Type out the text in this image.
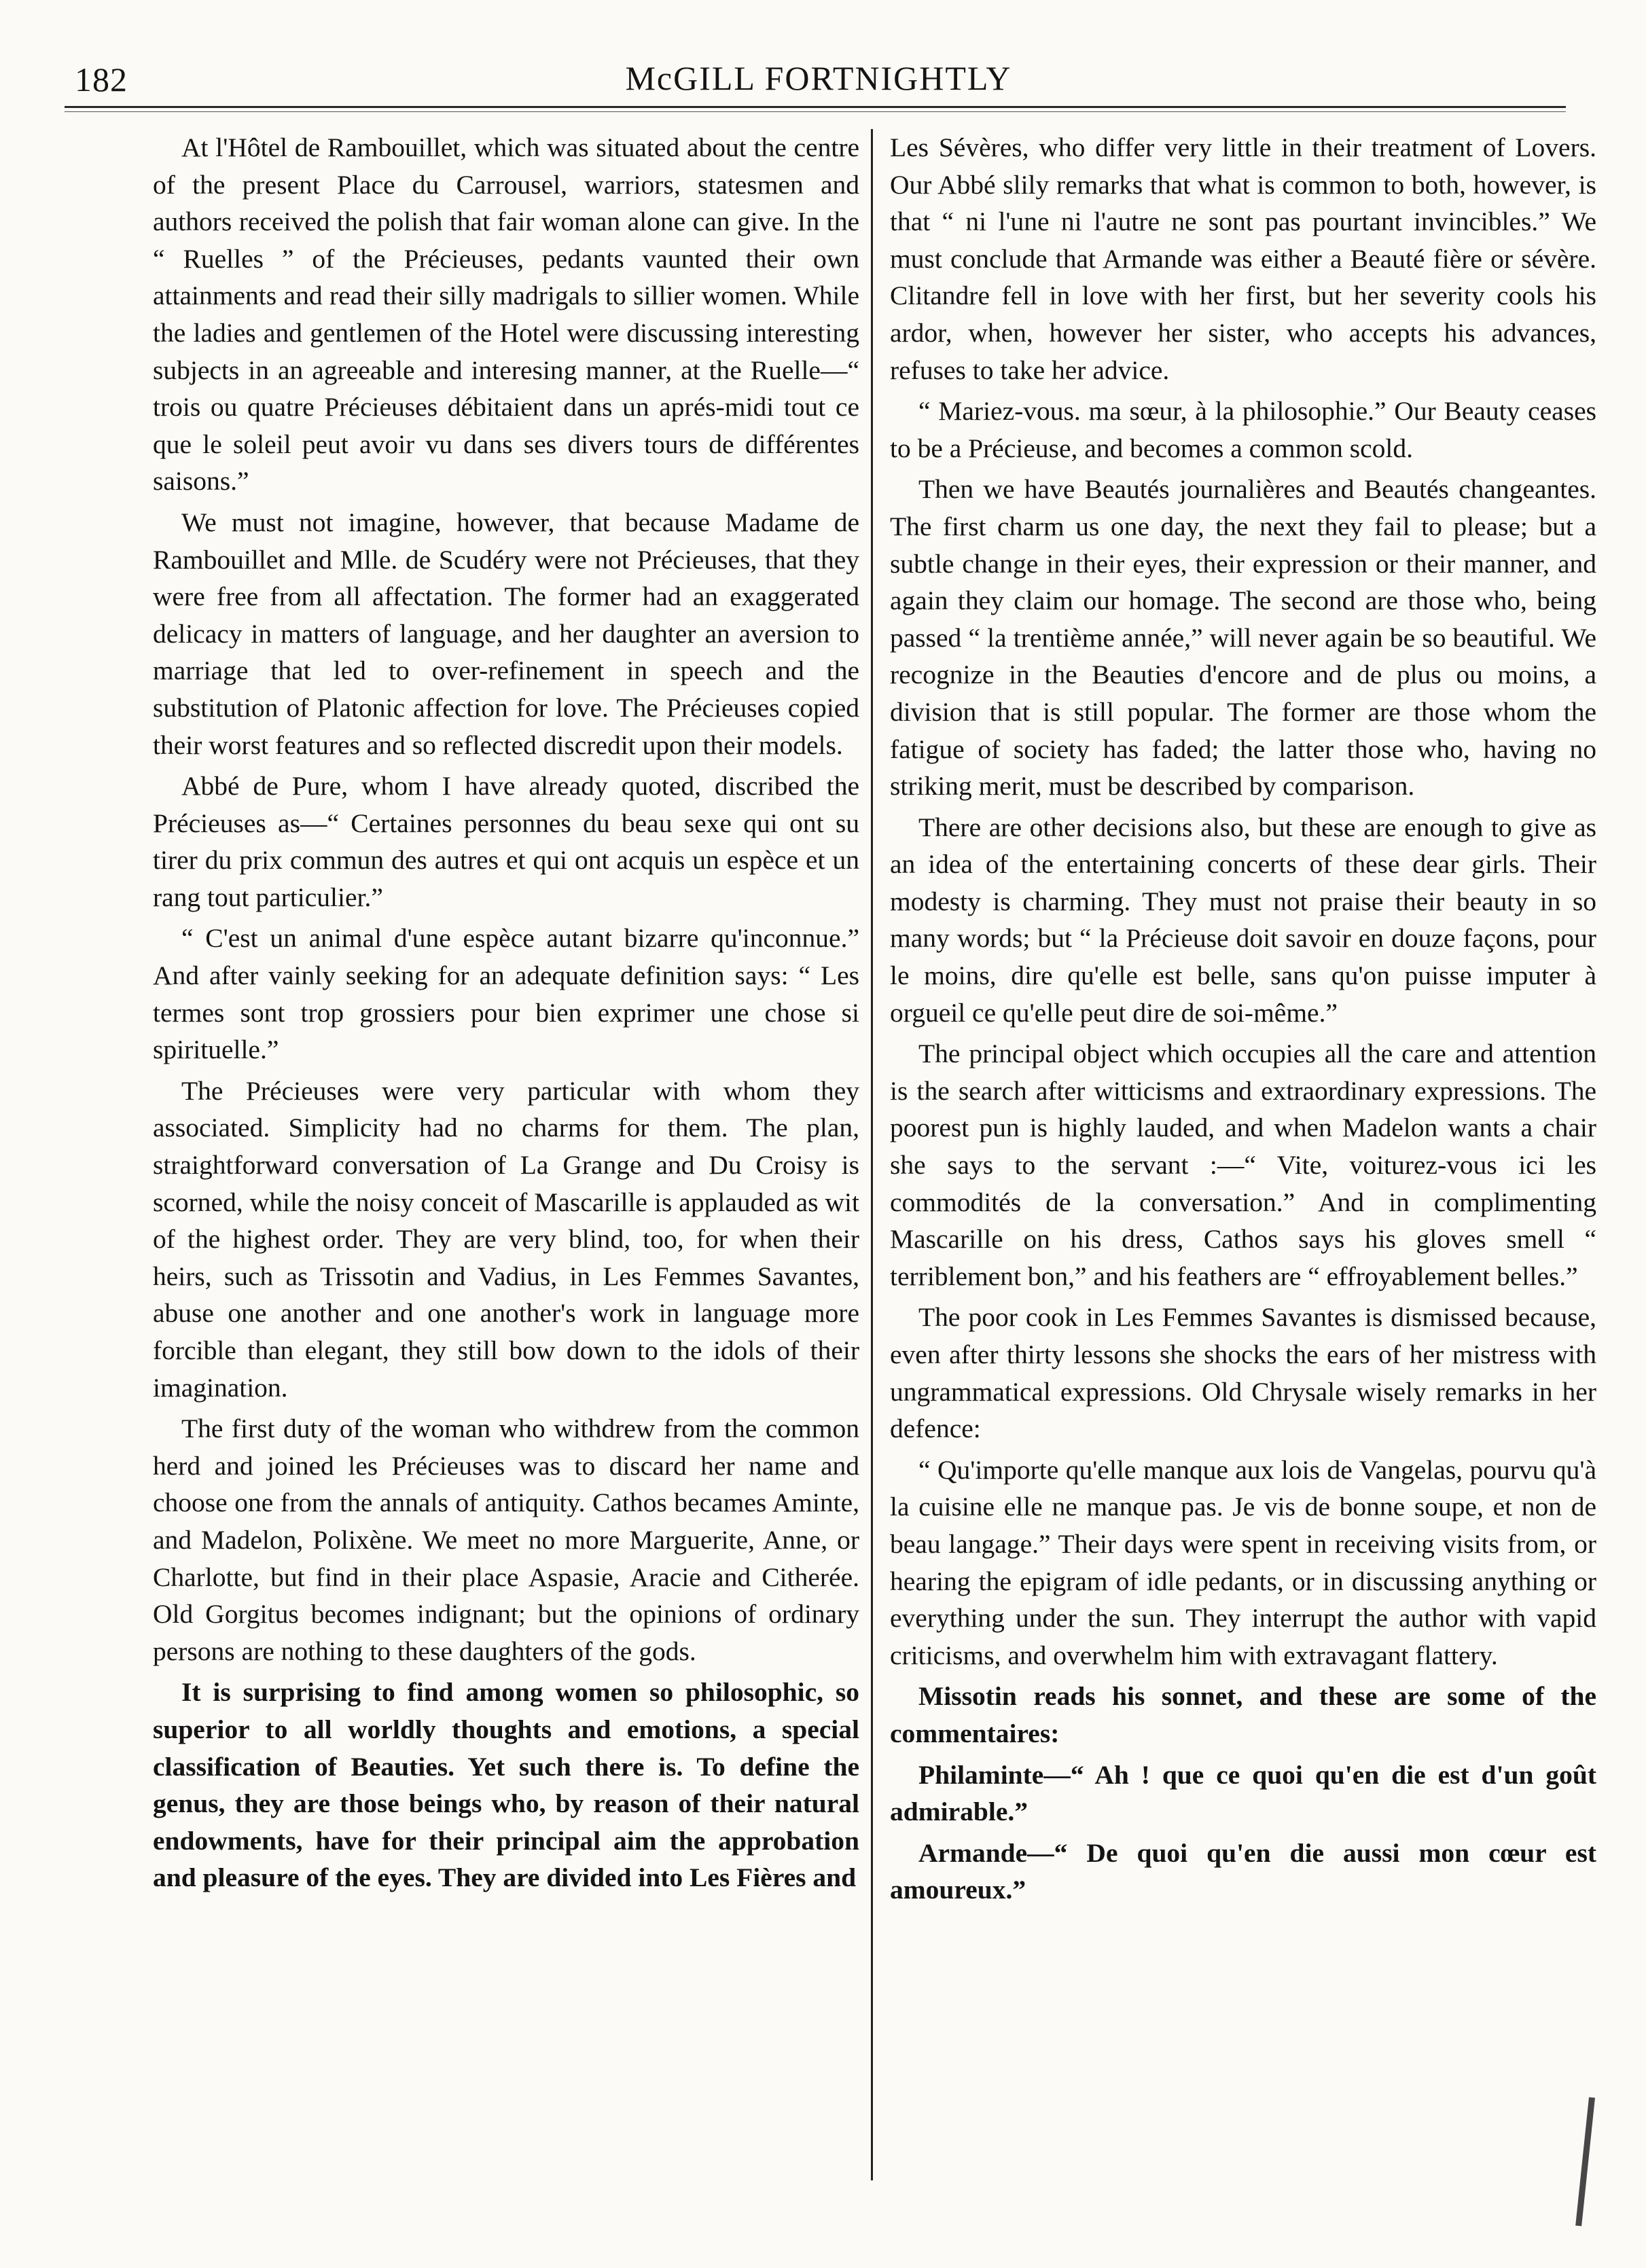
182	McGILL FORTNIGHTLY

At l'Hôtel de Rambouillet, which was situated about the centre of the present Place du Carrousel, warriors, statesmen and authors received the polish that fair woman alone can give. In the “ Ruelles ” of the Précieuses, pedants vaunted their own attainments and read their silly madrigals to sillier women. While the ladies and gentlemen of the Hotel were discussing interesting subjects in an agreeable and interesing manner, at the Ruelle—“ trois ou quatre Précieuses débitaient dans un aprés-midi tout ce que le soleil peut avoir vu dans ses divers tours de différentes saisons.”

We must not imagine, however, that because Madame de Rambouillet and Mlle. de Scudéry were not Précieuses, that they were free from all affectation. The former had an exaggerated delicacy in matters of language, and her daughter an aversion to marriage that led to over-refinement in speech and the substitution of Platonic affection for love. The Précieuses copied their worst features and so reflected discredit upon their models.

Abbé de Pure, whom I have already quoted, discribed the Précieuses as—“ Certaines personnes du beau sexe qui ont su tirer du prix commun des autres et qui ont acquis un espèce et un rang tout particulier.”

“ C'est un animal d'une espèce autant bizarre qu'inconnue.” And after vainly seeking for an adequate definition says: “ Les termes sont trop grossiers pour bien exprimer une chose si spirituelle.”

The Précieuses were very particular with whom they associated. Simplicity had no charms for them. The plan, straightforward conversation of La Grange and Du Croisy is scorned, while the noisy conceit of Mascarille is applauded as wit of the highest order. They are very blind, too, for when their heirs, such as Trissotin and Vadius, in Les Femmes Savantes, abuse one another and one another's work in language more forcible than elegant, they still bow down to the idols of their imagination.

The first duty of the woman who withdrew from the common herd and joined les Précieuses was to discard her name and choose one from the annals of antiquity. Cathos becames Aminte, and Madelon, Polixène. We meet no more Marguerite, Anne, or Charlotte, but find in their place Aspasie, Aracie and Citherée. Old Gorgitus becomes indignant; but the opinions of ordinary persons are nothing to these daughters of the gods.

It is surprising to find among women so philosophic, so superior to all worldly thoughts and emotions, a special classification of Beauties. Yet such there is. To define the genus, they are those beings who, by reason of their natural endowments, have for their principal aim the approbation and pleasure of the eyes. They are divided into Les Fières and

Les Sévères, who differ very little in their treatment of Lovers. Our Abbé slily remarks that what is common to both, however, is that “ ni l'une ni l'autre ne sont pas pourtant invincibles.” We must conclude that Armande was either a Beauté fière or sévère. Clitandre fell in love with her first, but her severity cools his ardor, when, however her sister, who accepts his advances, refuses to take her advice.

“ Mariez-vous. ma sœur, à la philosophie.” Our Beauty ceases to be a Précieuse, and becomes a common scold.

Then we have Beautés journalières and Beautés changeantes. The first charm us one day, the next they fail to please; but a subtle change in their eyes, their expression or their manner, and again they claim our homage. The second are those who, being passed “ la trentième année,” will never again be so beautiful. We recognize in the Beauties d'encore and de plus ou moins, a division that is still popular. The former are those whom the fatigue of society has faded; the latter those who, having no striking merit, must be described by comparison.

There are other decisions also, but these are enough to give as an idea of the entertaining concerts of these dear girls. Their modesty is charming. They must not praise their beauty in so many words; but “ la Précieuse doit savoir en douze façons, pour le moins, dire qu'elle est belle, sans qu'on puisse imputer à orgueil ce qu'elle peut dire de soi-même.”

The principal object which occupies all the care and attention is the search after witticisms and extraordinary expressions. The poorest pun is highly lauded, and when Madelon wants a chair she says to the servant :—“ Vite, voiturez-vous ici les commodités de la conversation.” And in complimenting Mascarille on his dress, Cathos says his gloves smell “ terriblement bon,” and his feathers are “ effroyablement belles.”

The poor cook in Les Femmes Savantes is dismissed because, even after thirty lessons she shocks the ears of her mistress with ungrammatical expressions. Old Chrysale wisely remarks in her defence:

“ Qu'importe qu'elle manque aux lois de Vangelas, pourvu qu'à la cuisine elle ne manque pas. Je vis de bonne soupe, et non de beau langage.” Their days were spent in receiving visits from, or hearing the epigram of idle pedants, or in discussing anything or everything under the sun. They interrupt the author with vapid criticisms, and overwhelm him with extravagant flattery.

Missotin reads his sonnet, and these are some of the commentaires:

Philaminte—“ Ah ! que ce quoi qu'en die est d'un goût admirable.”

Armande—“ De quoi qu'en die aussi mon cœur est amoureux.”
